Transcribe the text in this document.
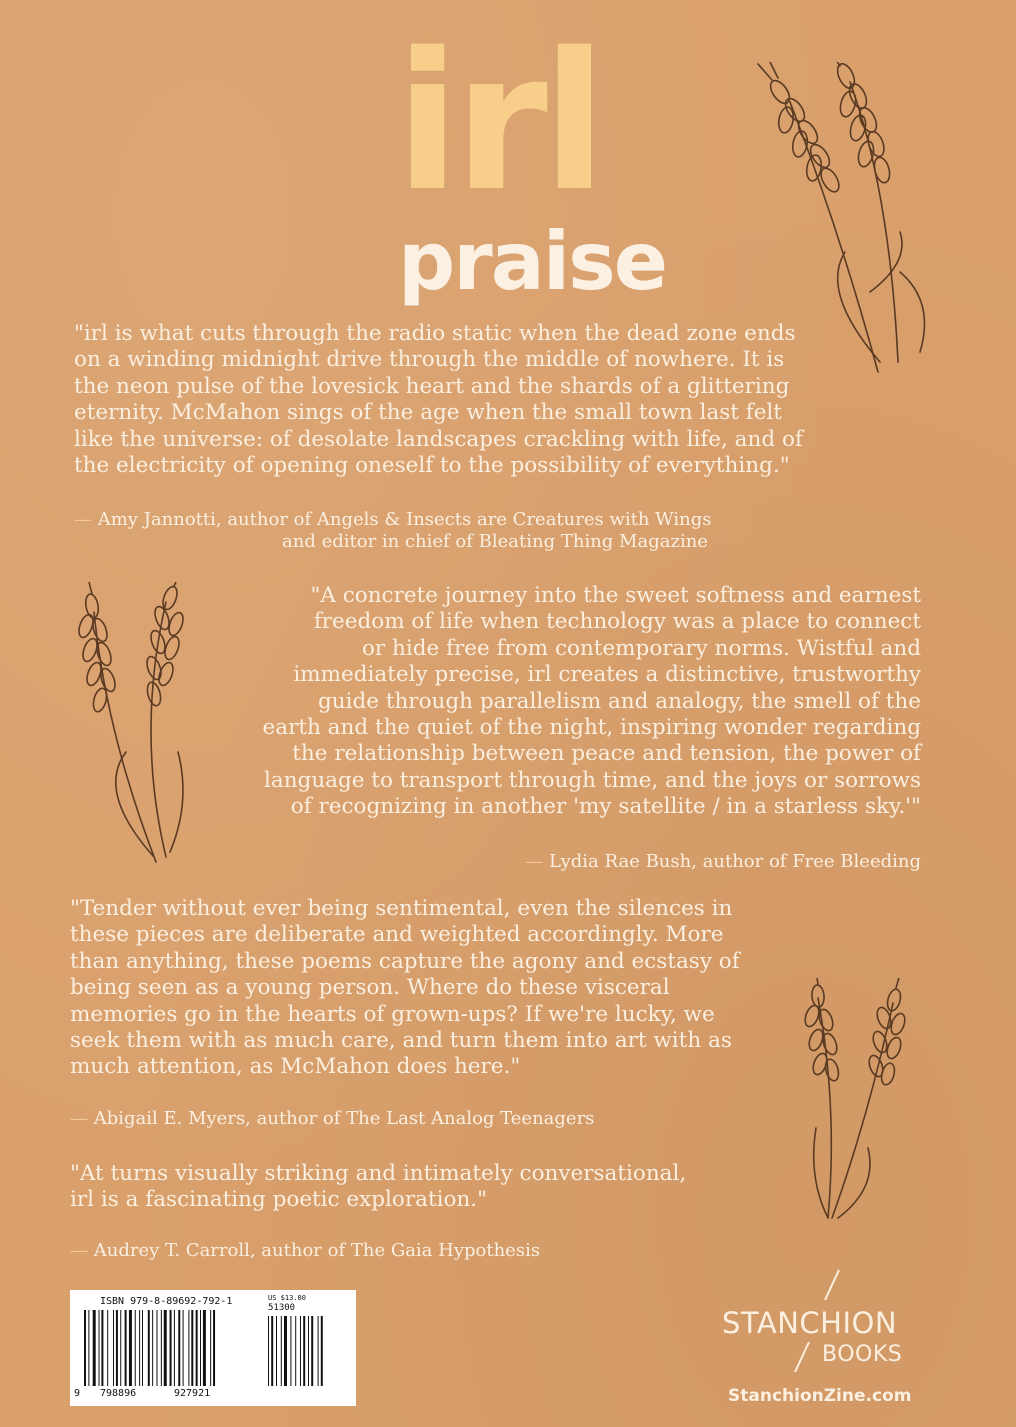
irl
praise
"irl is what cuts through the radio static when the dead zone ends
on a winding midnight drive through the middle of nowhere. It is
the neon pulse of the lovesick heart and the shards of a glittering
eternity. McMahon sings of the age when the small town last felt
like the universe: of desolate landscapes crackling with life, and of
the electricity of opening oneself to the possibility of everything."
— Amy Jannotti, author of Angels & Insects are Creatures with Wings
and editor in chief of Bleating Thing Magazine
"A concrete journey into the sweet softness and earnest
freedom of life when technology was a place to connect
or hide free from contemporary norms. Wistful and
immediately precise, irl creates a distinctive, trustworthy
guide through parallelism and analogy, the smell of the
earth and the quiet of the night, inspiring wonder regarding
the relationship between peace and tension, the power of
language to transport through time, and the joys or sorrows
of recognizing in another 'my satellite / in a starless sky.'"
— Lydia Rae Bush, author of Free Bleeding
"Tender without ever being sentimental, even the silences in
these pieces are deliberate and weighted accordingly. More
than anything, these poems capture the agony and ecstasy of
being seen as a young person. Where do these visceral
memories go in the hearts of grown-ups? If we're lucky, we
seek them with as much care, and turn them into art with as
much attention, as McMahon does here."
— Abigail E. Myers, author of The Last Analog Teenagers
"At turns visually striking and intimately conversational,
irl is a fascinating poetic exploration."
— Audrey T. Carroll, author of The Gaia Hypothesis
ISBN 979-8-89692-792-1	US $13.00
51300
9 798896	927921
STANCHION
BOOKS
StanchionZine.com
